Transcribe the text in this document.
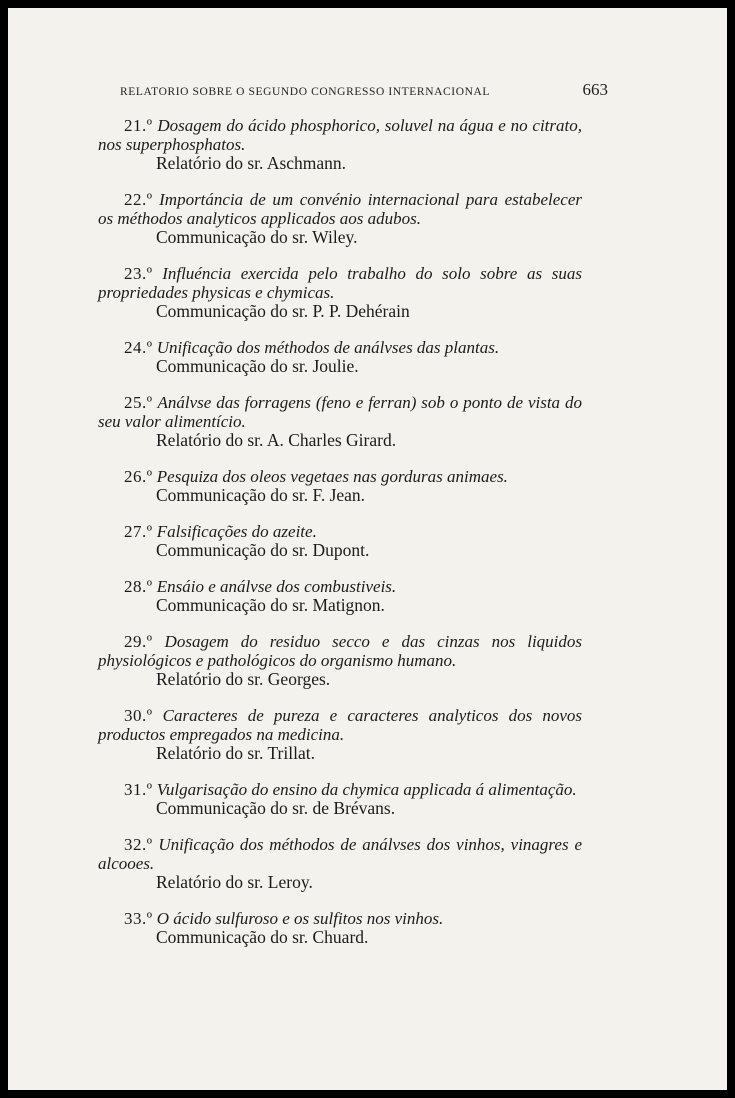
RELATORIO SOBRE O SEGUNDO CONGRESSO INTERNACIONAL	663
21.º Dosagem do ácido phosphorico, soluvel na água e no citrato, nos superphosphatos.
Relatório do sr. Aschmann.
22.º Importáncia de um convénio internacional para estabelecer os méthodos analyticos applicados aos adubos.
Communicação do sr. Wiley.
23.º Influéncia exercida pelo trabalho do solo sobre as suas propriedades physicas e chymicas.
Communicação do sr. P. P. Dehérain
24.º Unificação dos méthodos de análvses das plantas.
Communicação do sr. Joulie.
25.º Análvse das forragens (feno e ferran) sob o ponto de vista do seu valor alimentício.
Relatório do sr. A. Charles Girard.
26.º Pesquiza dos oleos vegetaes nas gorduras animaes.
Communicação do sr. F. Jean.
27.º Falsificações do azeite.
Communicação do sr. Dupont.
28.º Ensáio e análvse dos combustiveis.
Communicação do sr. Matignon.
29.º Dosagem do residuo secco e das cinzas nos liquidos physiológicos e pathológicos do organismo humano.
Relatório do sr. Georges.
30.º Caracteres de pureza e caracteres analyticos dos novos productos empregados na medicina.
Relatório do sr. Trillat.
31.º Vulgarisação do ensino da chymica applicada á alimentação.
Communicação do sr. de Brévans.
32.º Unificação dos méthodos de análvses dos vinhos, vinagres e alcooes.
Relatório do sr. Leroy.
33.º O ácido sulfuroso e os sulfitos nos vinhos.
Communicação do sr. Chuard.
